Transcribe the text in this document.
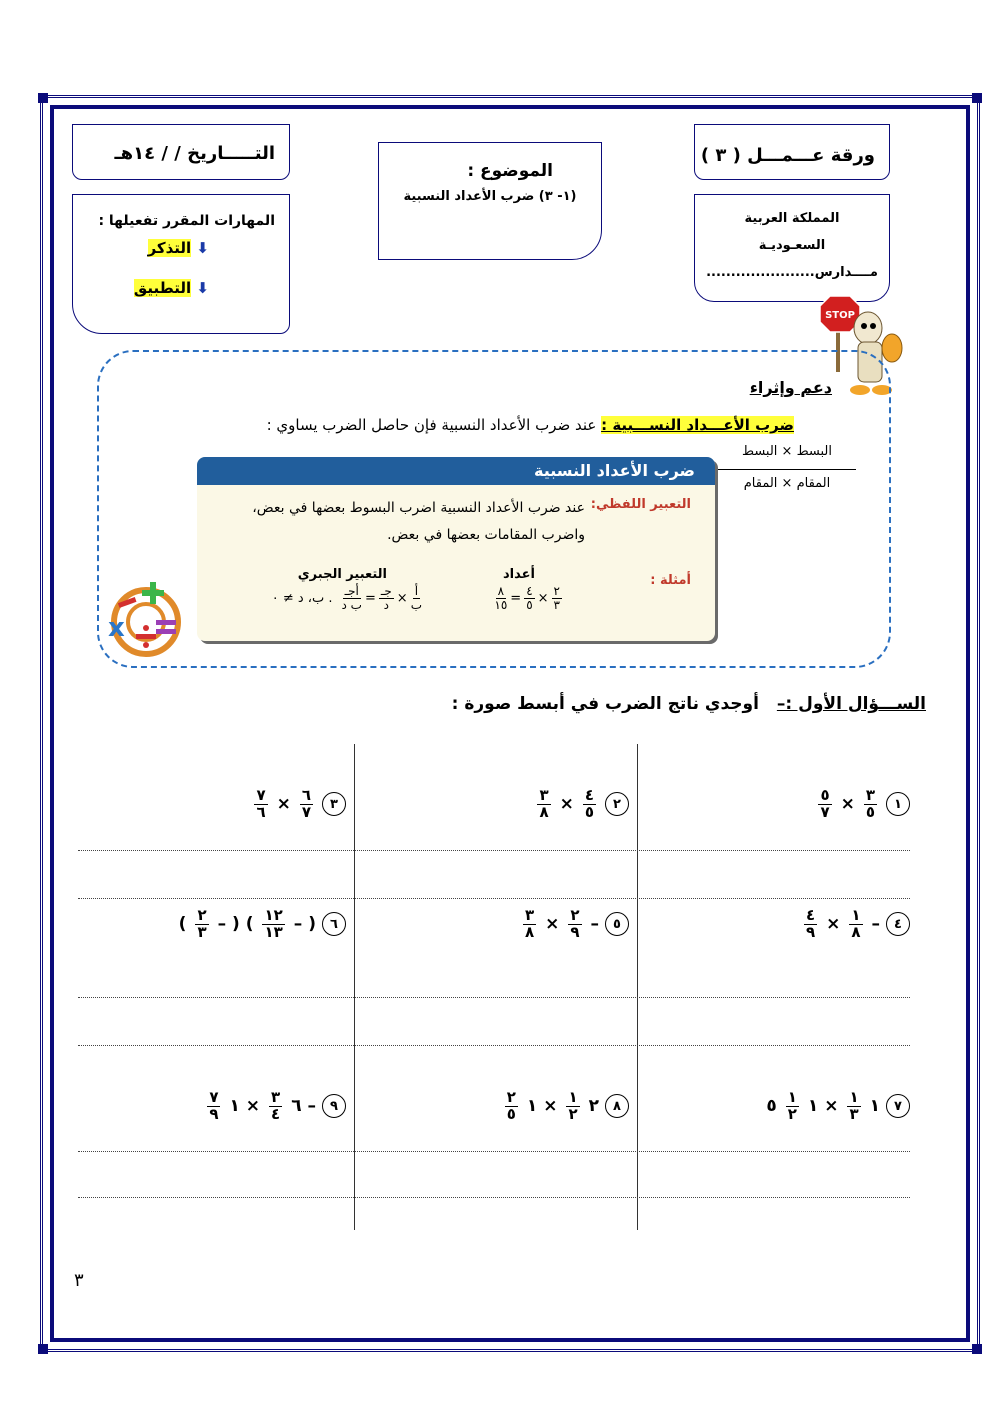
ورقة عـــمـــل ( ٣ )
التـــــاريخ / / ١٤هـ
الموضوع :
(١- ٣) ضرب الأعداد النسبية
المملكة العربية
السعـوديـة
مــــدارس......................
المهارات المقرر تفعيلها :
⬇ التذكر
⬇ التطبيق
STOP
دعم وإثراء
ضرب الأعـــداد النســـبية : عند ضرب الأعداد النسبية فإن حاصل الضرب يساوي :
البسط × البسط
المقام × المقام
ضرب الأعداد النسبية
التعبير اللفظي:
عند ضرب الأعداد النسبية اضرب البسوط بعضها في بعض، واضرب المقامات بعضها في بعض.
أمثلة :
أعداد
التعبير الجبري
$\frac{٢}{٣}$
×
$\frac{٤}{٥}$
=
$\frac{٨}{١٥}$
$\frac{\text{أ}}{\text{ب}}$
×
$\frac{\text{جـ}}{\text{د}}$
=
$\frac{\text{أجـ}}{\text{ب د}}$
. ب، د ≠ ٠
x
الســـؤال الأول :– أوجدي ناتج الضرب في أبسط صورة :
١
$\frac{٣}{٥}$
×
$\frac{٥}{٧}$
٢
$\frac{٤}{٥}$
×
$\frac{٣}{٨}$
٣
$\frac{٦}{٧}$
×
$\frac{٧}{٦}$
٤
–
$\frac{١}{٨}$
×
$\frac{٤}{٩}$
٥
–
$\frac{٢}{٩}$
×
$\frac{٣}{٨}$
٦
( –
$\frac{١٢}{١٣}$
) ( –
$\frac{٢}{٣}$
)
٧
١
$\frac{١}{٣}$
× ١
$\frac{١}{٢}$
٥
٨
٢
$\frac{١}{٢}$
× ١
$\frac{٢}{٥}$
٩
– ٦
$\frac{٣}{٤}$
× ١
$\frac{٧}{٩}$
٣
